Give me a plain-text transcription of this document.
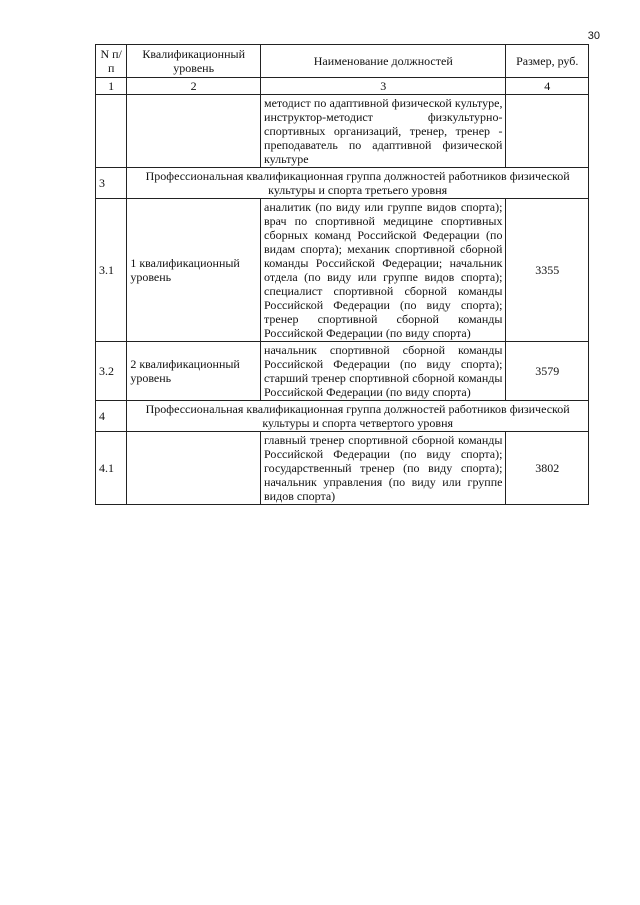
30
N п/п	Квалификационный уровень	Наименование должностей	Размер, руб.
1	2	3	4
		методист по адаптивной физической культуре, инструктор-методист физкультурно-спортивных организаций, тренер, тренер - преподаватель по адаптивной физической культуре	
3	Профессиональная квалификационная группа должностей работников физической культуры и спорта третьего уровня		
3.1	1 квалификационный уровень	аналитик (по виду или группе видов спорта); врач по спортивной медицине спортивных сборных команд Российской Федерации (по видам спорта); механик спортивной сборной команды Российской Федерации; начальник отдела (по виду или группе видов спорта); специалист спортивной сборной команды Российской Федерации (по виду спорта); тренер спортивной сборной команды Российской Федерации (по виду спорта)	3355
3.2	2 квалификационный уровень	начальник спортивной сборной команды Российской Федерации (по виду спорта); старший тренер спортивной сборной команды Российской Федерации (по виду спорта)	3579
4	Профессиональная квалификационная группа должностей работников физической культуры и спорта четвертого уровня		
4.1		главный тренер спортивной сборной команды Российской Федерации (по виду спорта); государственный тренер (по виду спорта); начальник управления (по виду или группе видов спорта)	3802
